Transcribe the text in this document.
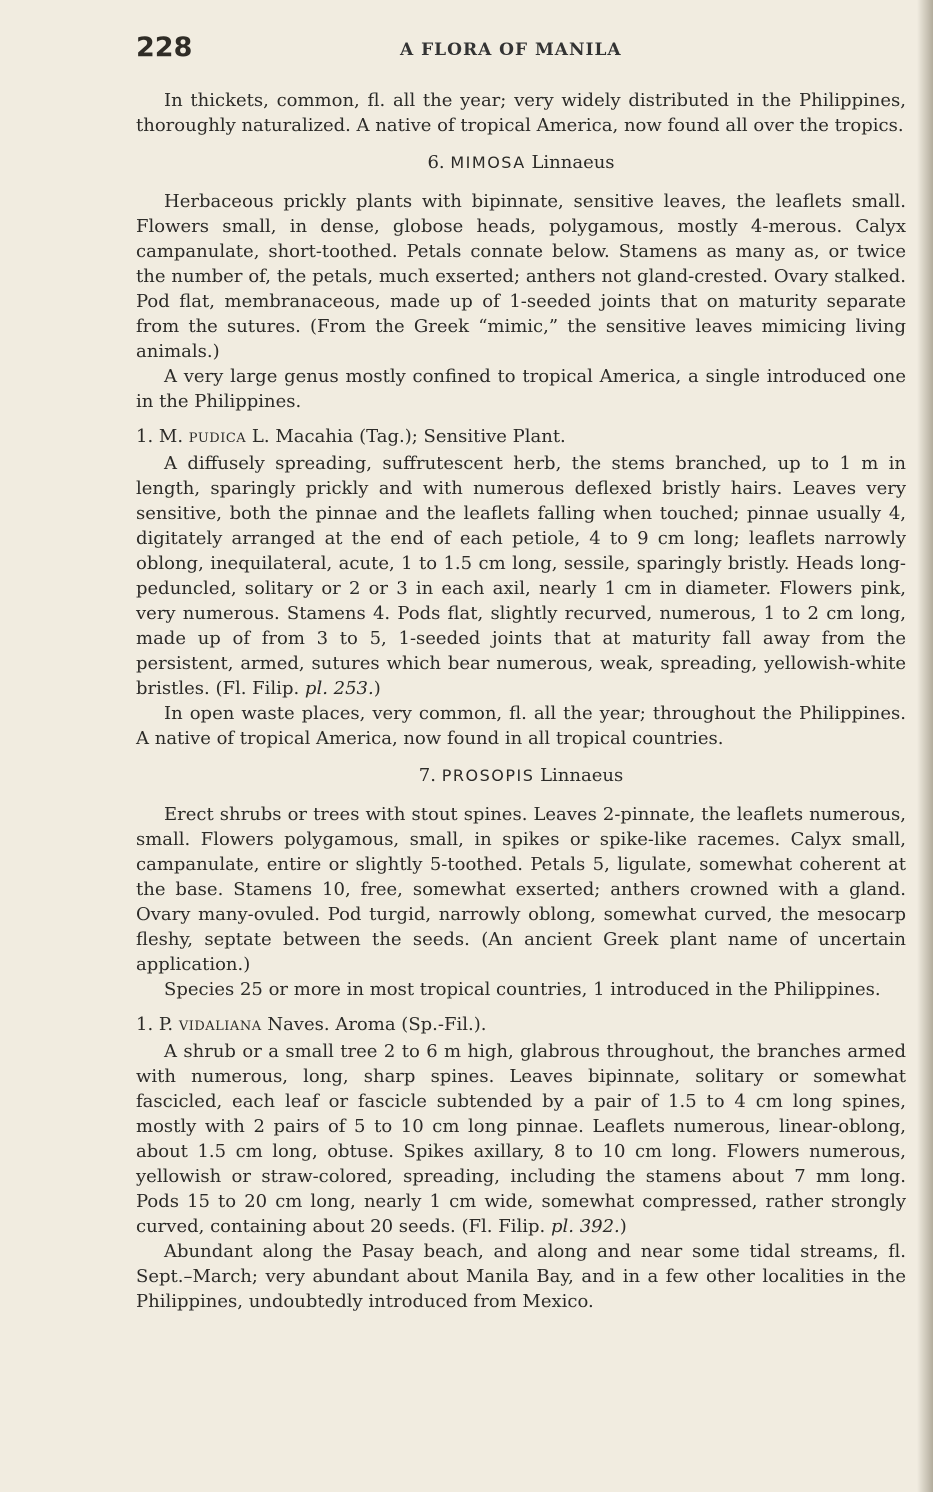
228	A FLORA OF MANILA

In thickets, common, fl. all the year; very widely distributed in the Philippines, thoroughly naturalized. A native of tropical America, now found all over the tropics.

6. MIMOSA Linnaeus

Herbaceous prickly plants with bipinnate, sensitive leaves, the leaflets small. Flowers small, in dense, globose heads, polygamous, mostly 4-merous. Calyx campanulate, short-toothed. Petals connate below. Stamens as many as, or twice the number of, the petals, much exserted; anthers not gland-crested. Ovary stalked. Pod flat, membranaceous, made up of 1-seeded joints that on maturity separate from the sutures. (From the Greek “mimic,” the sensitive leaves mimicing living animals.)

A very large genus mostly confined to tropical America, a single introduced one in the Philippines.

1. M. PUDICA L. Macahia (Tag.); Sensitive Plant.

A diffusely spreading, suffrutescent herb, the stems branched, up to 1 m in length, sparingly prickly and with numerous deflexed bristly hairs. Leaves very sensitive, both the pinnae and the leaflets falling when touched; pinnae usually 4, digitately arranged at the end of each petiole, 4 to 9 cm long; leaflets narrowly oblong, inequilateral, acute, 1 to 1.5 cm long, sessile, sparingly bristly. Heads long-peduncled, solitary or 2 or 3 in each axil, nearly 1 cm in diameter. Flowers pink, very numerous. Stamens 4. Pods flat, slightly recurved, numerous, 1 to 2 cm long, made up of from 3 to 5, 1-seeded joints that at maturity fall away from the persistent, armed, sutures which bear numerous, weak, spreading, yellowish-white bristles. (Fl. Filip. pl. 253.)

In open waste places, very common, fl. all the year; throughout the Philippines. A native of tropical America, now found in all tropical countries.

7. PROSOPIS Linnaeus

Erect shrubs or trees with stout spines. Leaves 2-pinnate, the leaflets numerous, small. Flowers polygamous, small, in spikes or spike-like racemes. Calyx small, campanulate, entire or slightly 5-toothed. Petals 5, ligulate, somewhat coherent at the base. Stamens 10, free, somewhat exserted; anthers crowned with a gland. Ovary many-ovuled. Pod turgid, narrowly oblong, somewhat curved, the mesocarp fleshy, septate between the seeds. (An ancient Greek plant name of uncertain application.)

Species 25 or more in most tropical countries, 1 introduced in the Philippines.

1. P. VIDALIANA Naves. Aroma (Sp.-Fil.).

A shrub or a small tree 2 to 6 m high, glabrous throughout, the branches armed with numerous, long, sharp spines. Leaves bipinnate, solitary or somewhat fascicled, each leaf or fascicle subtended by a pair of 1.5 to 4 cm long spines, mostly with 2 pairs of 5 to 10 cm long pinnae. Leaflets numerous, linear-oblong, about 1.5 cm long, obtuse. Spikes axillary, 8 to 10 cm long. Flowers numerous, yellowish or straw-colored, spreading, including the stamens about 7 mm long. Pods 15 to 20 cm long, nearly 1 cm wide, somewhat compressed, rather strongly curved, containing about 20 seeds. (Fl. Filip. pl. 392.)

Abundant along the Pasay beach, and along and near some tidal streams, fl. Sept.–March; very abundant about Manila Bay, and in a few other localities in the Philippines, undoubtedly introduced from Mexico.
